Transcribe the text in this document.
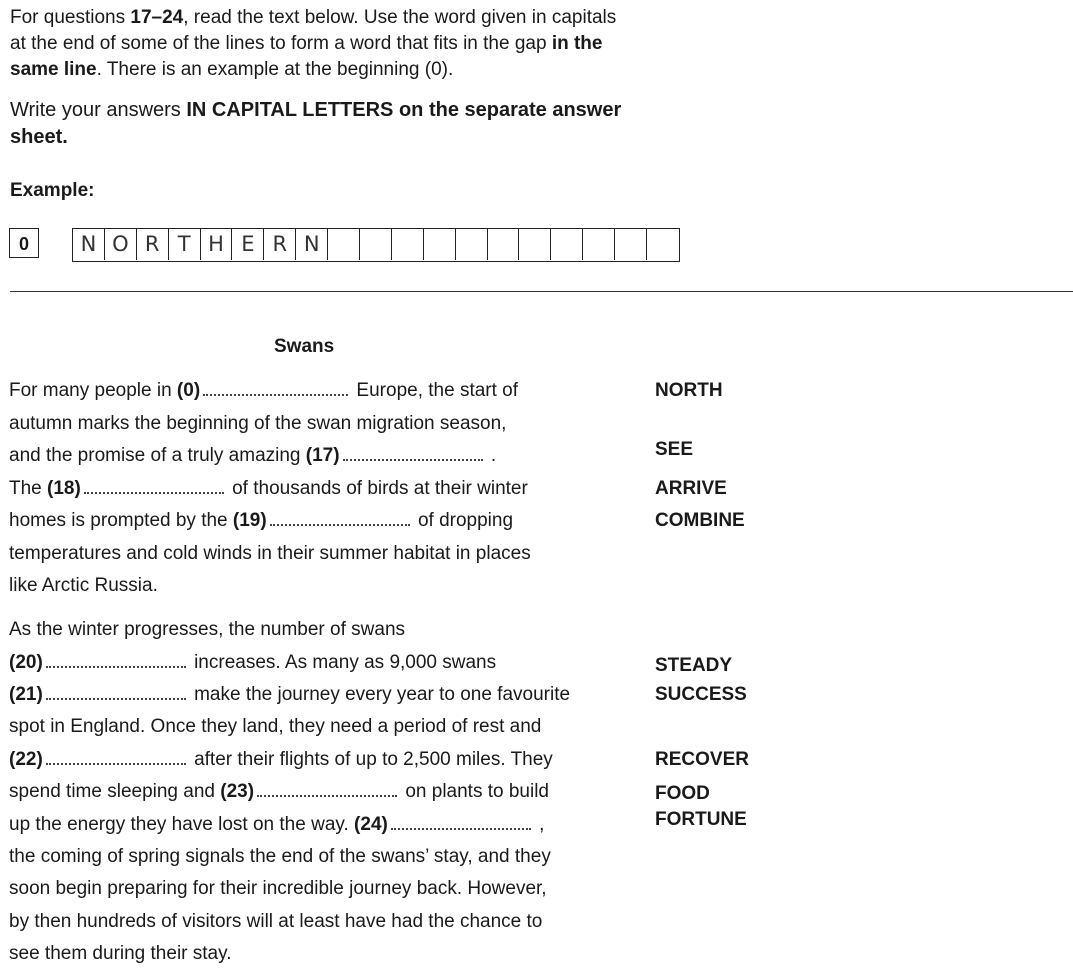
For questions 17–24, read the text below. Use the word given in capitals at the end of some of the lines to form a word that fits in the gap in the same line. There is an example at the beginning (0).
Write your answers IN CAPITAL LETTERS on the separate answer sheet.
Example:
0	N O R T H E R N
Swans
For many people in (0)	Europe, the start of
autumn marks the beginning of the swan migration season,
and the promise of a truly amazing (17)	.
The (18)	of thousands of birds at their winter
homes is prompted by the (19)	of dropping
temperatures and cold winds in their summer habitat in places
like Arctic Russia.
As the winter progresses, the number of swans
(20)	increases. As many as 9,000 swans
(21)	make the journey every year to one favourite
spot in England. Once they land, they need a period of rest and
(22)	after their flights of up to 2,500 miles. They
spend time sleeping and (23)	on plants to build
up the energy they have lost on the way. (24)	,
the coming of spring signals the end of the swans’ stay, and they
soon begin preparing for their incredible journey back. However,
by then hundreds of visitors will at least have had the chance to
see them during their stay.
NORTH
SEE
ARRIVE
COMBINE
STEADY
SUCCESS
RECOVER
FOOD
FORTUNE
